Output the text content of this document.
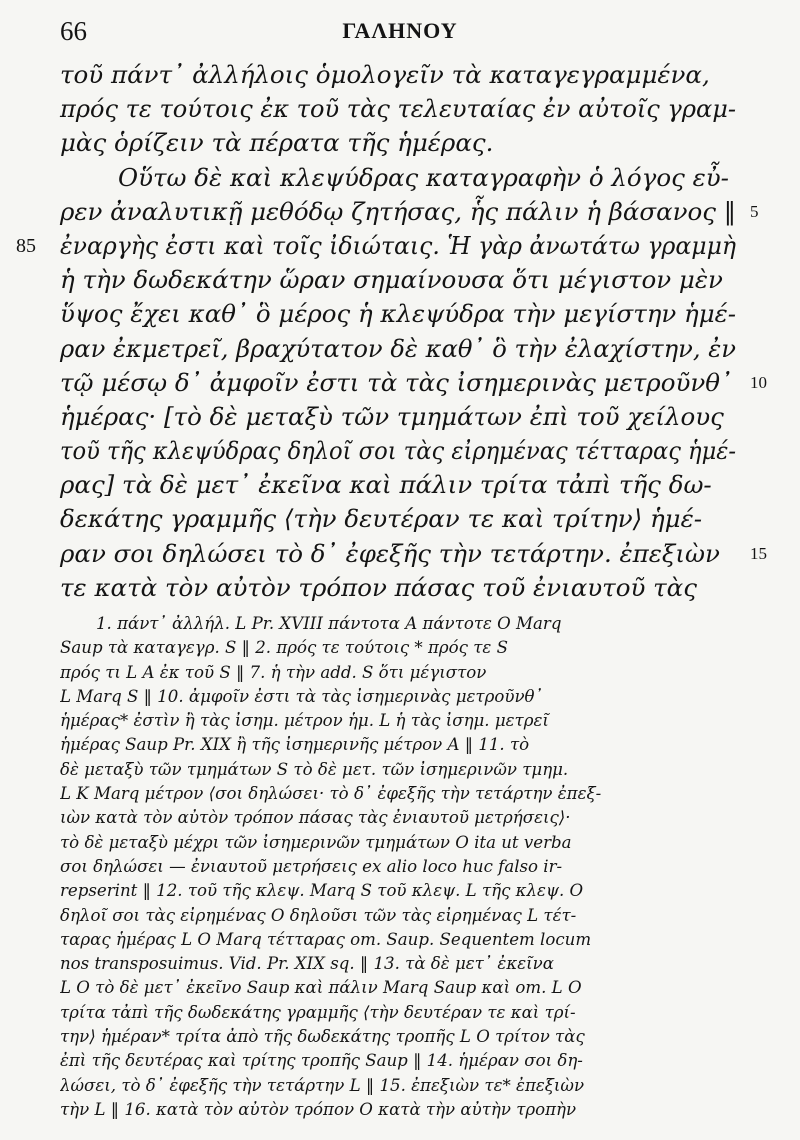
66	ΓΑΛΗΝΟΥ
τοῦ πάντ᾽ ἀλλήλοις ὁμολογεῖν τὰ καταγεγραμμένα,
πρός τε τούτοις ἐκ τοῦ τὰς τελευταίας ἐν αὐτοῖς γραμ-
μὰς ὁρίζειν τὰ πέρατα τῆς ἡμέρας.
Οὕτω δὲ καὶ κλεψύδρας καταγραφὴν ὁ λόγος εὖ-
ρεν ἀναλυτικῇ μεθόδῳ ζητήσας, ἧς πάλιν ἡ βάσανος ‖ 5
ἐναργὴς ἐστι καὶ τοῖς ἰδιώταις. Ἡ γὰρ ἀνωτάτω γραμμὴ
85
ἡ τὴν δωδεκάτην ὥραν σημαίνουσα ὅτι μέγιστον μὲν
ὕψος ἔχει καθ᾽ ὃ μέρος ἡ κλεψύδρα τὴν μεγίστην ἡμέ-
ραν ἐκμετρεῖ, βραχύτατον δὲ καθ᾽ ὃ τὴν ἐλαχίστην, ἐν
τῷ μέσῳ δ᾽ ἀμφοῖν ἐστι τὰ τὰς ἰσημερινὰς μετροῦνθ᾽ 10
ἡμέρας· [τὸ δὲ μεταξὺ τῶν τμημάτων ἐπὶ τοῦ χείλους
τοῦ τῆς κλεψύδρας δηλοῖ σοι τὰς εἰρημένας τέτταρας ἡμέ-
ρας] τὰ δὲ μετ᾽ ἐκεῖνα καὶ πάλιν τρίτα τἀπὶ τῆς δω-
δεκάτης γραμμῆς ⟨τὴν δευτέραν τε καὶ τρίτην⟩ ἡμέ-
ραν σοι δηλώσει τὸ δ᾽ ἐφεξῆς τὴν τετάρτην. ἐπεξιὼν 15
τε κατὰ τὸν αὐτὸν τρόπον πάσας τοῦ ἐνιαυτοῦ τὰς
1. πάντ᾽ ἀλλήλ. L Pr. XVIII πάντοτα A πάντοτε O Marq
Saup τὰ καταγεγρ. S ‖ 2. πρός τε τούτοις * πρός τε S
πρός τι L A ἐκ τοῦ S ‖ 7. ἡ τὴν add. S ὅτι μέγιστον
L Marq S ‖ 10. ἀμφοῖν ἐστι τὰ τὰς ἰσημερινὰς μετροῦνθ᾽
ἡμέρας* ἐστὶν ἢ τὰς ἰσημ. μέτρον ἡμ. L ἡ τὰς ἰσημ. μετρεῖ
ἡμέρας Saup Pr. XIX ἢ τῆς ἰσημερινῆς μέτρον A ‖ 11. τὸ
δὲ μεταξὺ τῶν τμημάτων S τὸ δὲ μετ. τῶν ἰσημερινῶν τμημ.
L K Marq μέτρον ⟨σοι δηλώσει· τὸ δ᾽ ἐφεξῆς τὴν τετάρτην ἐπεξ-
ιὼν κατὰ τὸν αὐτὸν τρόπον πάσας τὰς ἐνιαυτοῦ μετρήσεις⟩·
τὸ δὲ μεταξὺ μέχρι τῶν ἰσημερινῶν τμημάτων O ita ut verba
σοι δηλώσει — ἐνιαυτοῦ μετρήσεις ex alio loco huc falso ir-
repserint ‖ 12. τοῦ τῆς κλεψ. Marq S τοῦ κλεψ. L τῆς κλεψ. O
δηλοῖ σοι τὰς εἰρημένας O δηλοῦσι τῶν τὰς εἰρημένας L τέτ-
ταρας ἡμέρας L O Marq τέτταρας om. Saup. Sequentem locum
nos transposuimus. Vid. Pr. XIX sq. ‖ 13. τὰ δὲ μετ᾽ ἐκεῖνα
L O τὸ δὲ μετ᾽ ἐκεῖνο Saup καὶ πάλιν Marq Saup καὶ om. L O
τρίτα τἀπὶ τῆς δωδεκάτης γραμμῆς ⟨τὴν δευτέραν τε καὶ τρί-
την⟩ ἡμέραν* τρίτα ἀπὸ τῆς δωδεκάτης τροπῆς L O τρίτον τὰς
ἐπὶ τῆς δευτέρας καὶ τρίτης τροπῆς Saup ‖ 14. ἡμέραν σοι δη-
λώσει, τὸ δ᾽ ἐφεξῆς τὴν τετάρτην L ‖ 15. ἐπεξιὼν τε* ἐπεξιὼν
τὴν L ‖ 16. κατὰ τὸν αὐτὸν τρόπον O κατὰ τὴν αὐτὴν τροπὴν
